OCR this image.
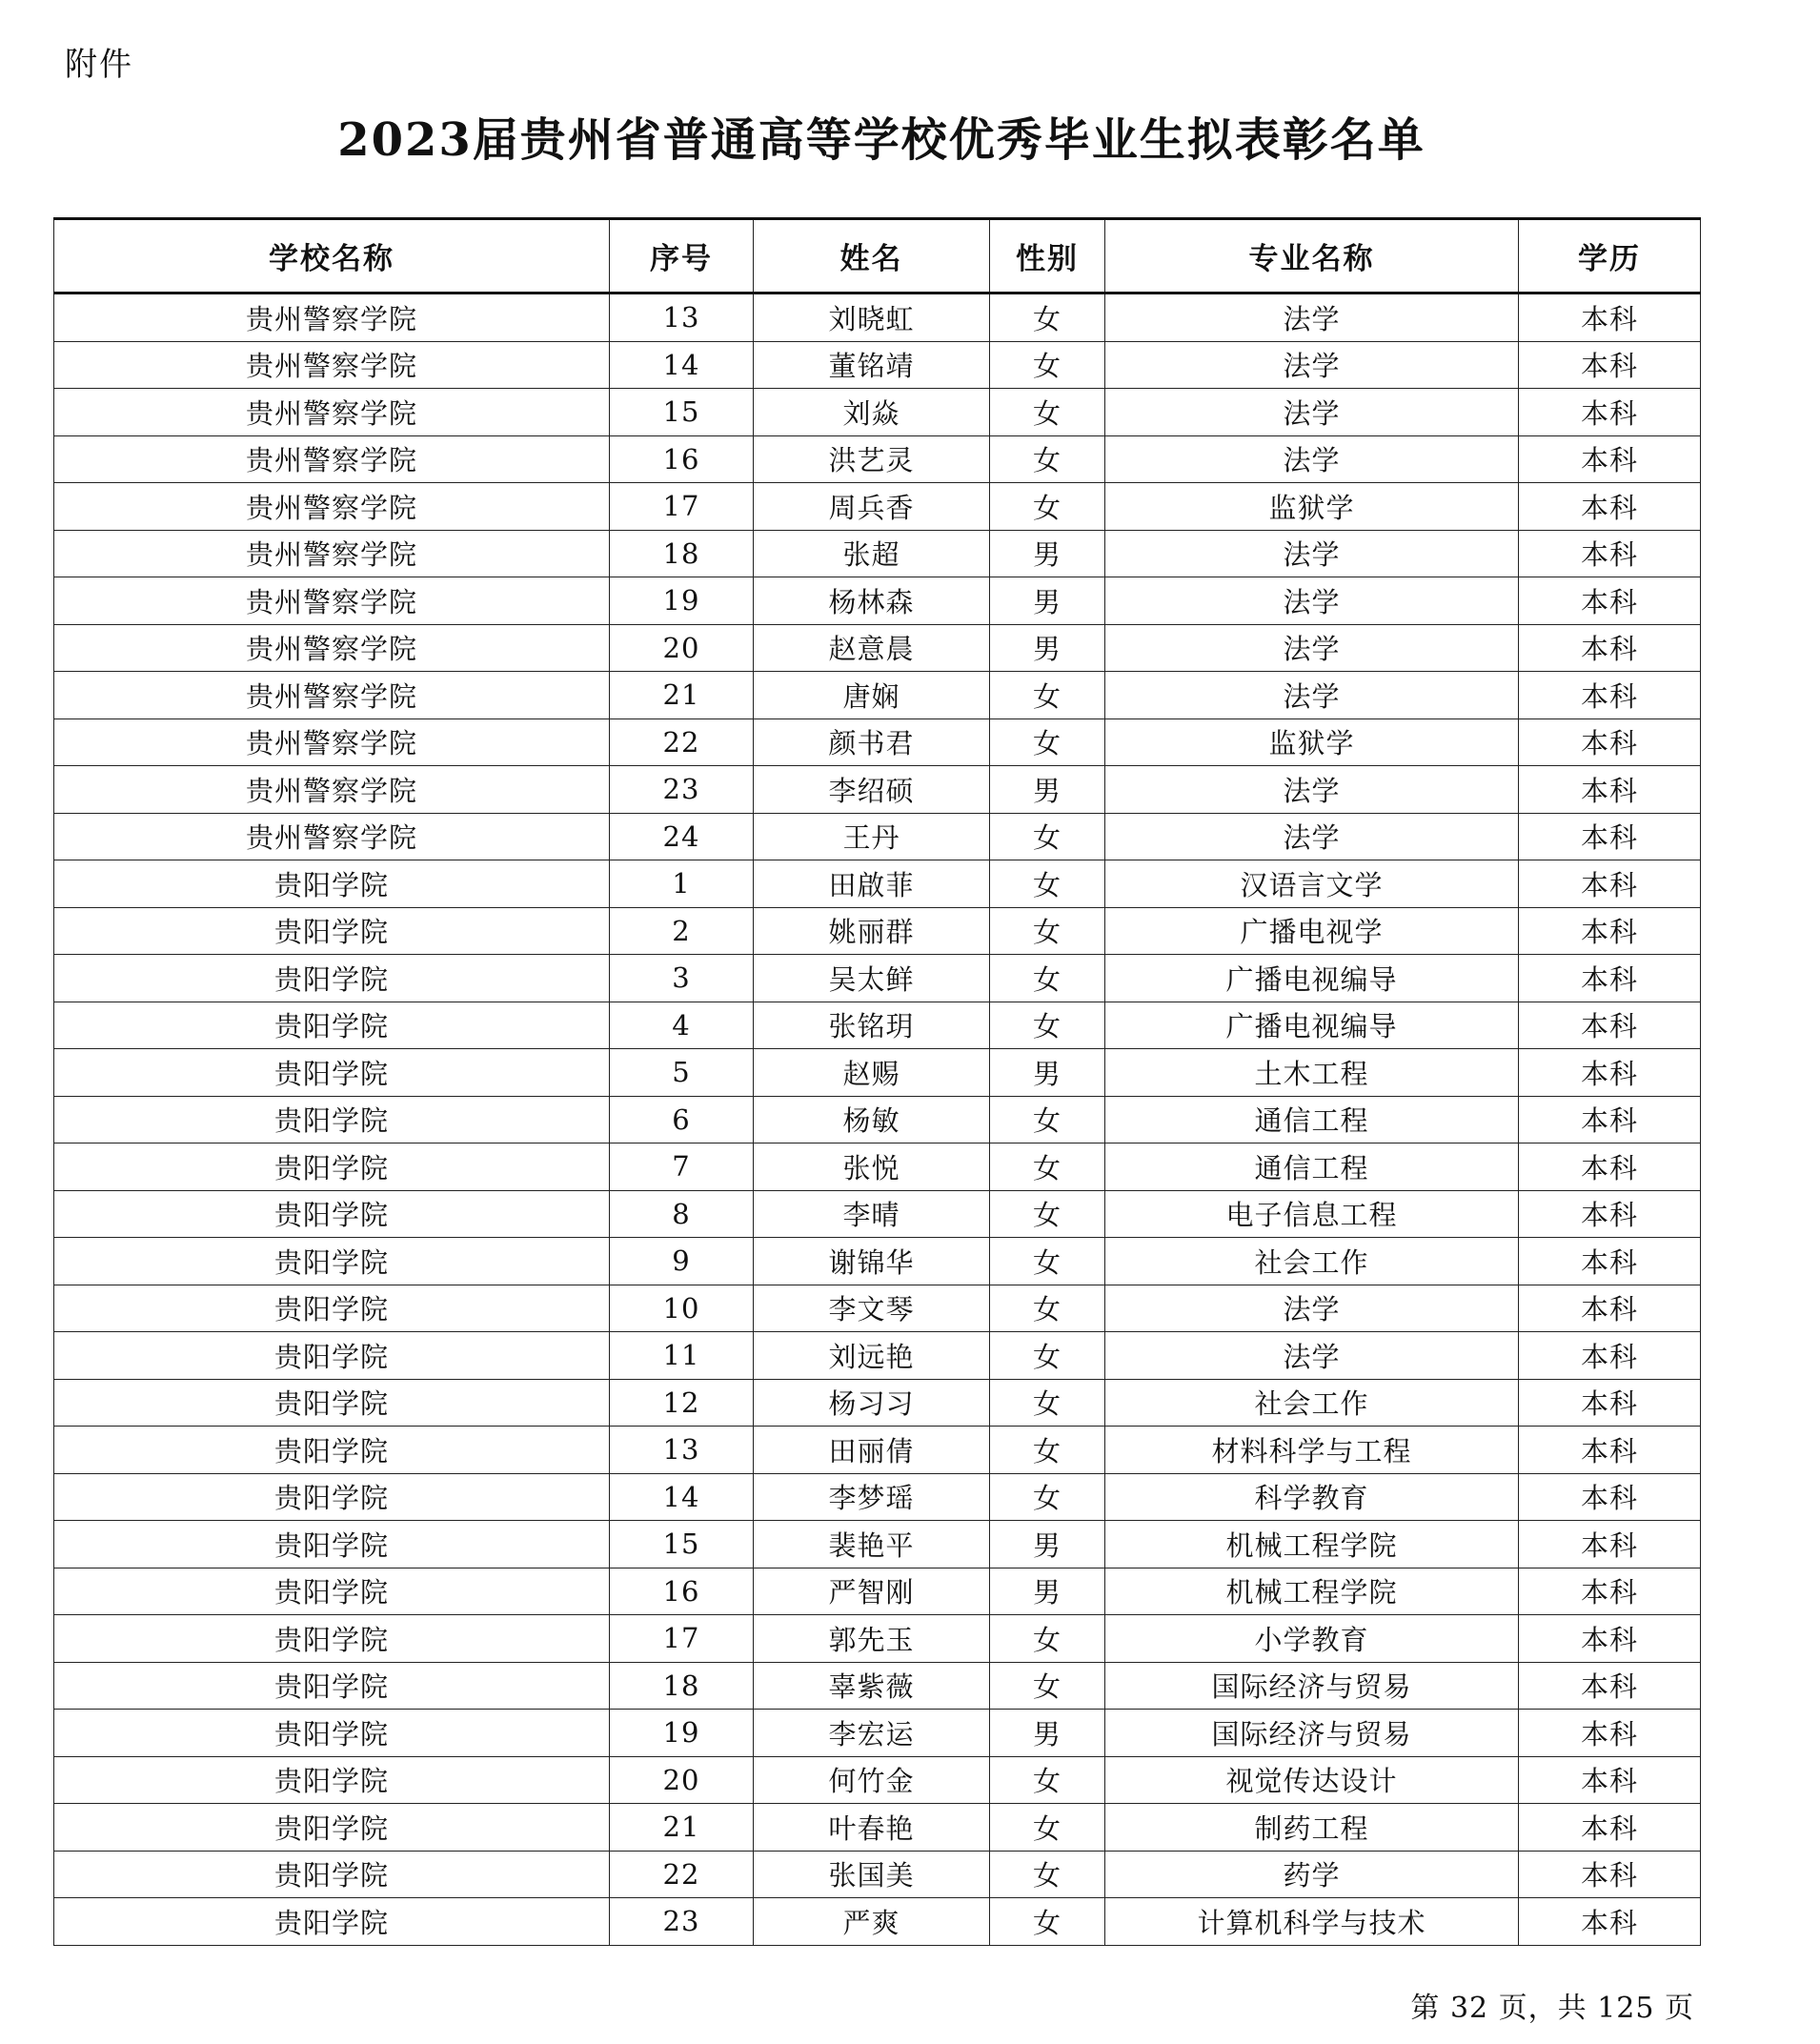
附件
2023届贵州省普通高等学校优秀毕业生拟表彰名单
学校名称	序号	姓名	性别	专业名称	学历
贵州警察学院	13	刘晓虹	女	法学	本科
贵州警察学院	14	董铭靖	女	法学	本科
贵州警察学院	15	刘焱	女	法学	本科
贵州警察学院	16	洪艺灵	女	法学	本科
贵州警察学院	17	周兵香	女	监狱学	本科
贵州警察学院	18	张超	男	法学	本科
贵州警察学院	19	杨林森	男	法学	本科
贵州警察学院	20	赵意晨	男	法学	本科
贵州警察学院	21	唐娴	女	法学	本科
贵州警察学院	22	颜书君	女	监狱学	本科
贵州警察学院	23	李绍硕	男	法学	本科
贵州警察学院	24	王丹	女	法学	本科
贵阳学院	1	田啟菲	女	汉语言文学	本科
贵阳学院	2	姚丽群	女	广播电视学	本科
贵阳学院	3	吴太鲜	女	广播电视编导	本科
贵阳学院	4	张铭玥	女	广播电视编导	本科
贵阳学院	5	赵赐	男	土木工程	本科
贵阳学院	6	杨敏	女	通信工程	本科
贵阳学院	7	张悦	女	通信工程	本科
贵阳学院	8	李晴	女	电子信息工程	本科
贵阳学院	9	谢锦华	女	社会工作	本科
贵阳学院	10	李文琴	女	法学	本科
贵阳学院	11	刘远艳	女	法学	本科
贵阳学院	12	杨习习	女	社会工作	本科
贵阳学院	13	田丽倩	女	材料科学与工程	本科
贵阳学院	14	李梦瑶	女	科学教育	本科
贵阳学院	15	裴艳平	男	机械工程学院	本科
贵阳学院	16	严智刚	男	机械工程学院	本科
贵阳学院	17	郭先玉	女	小学教育	本科
贵阳学院	18	辜紫薇	女	国际经济与贸易	本科
贵阳学院	19	李宏运	男	国际经济与贸易	本科
贵阳学院	20	何竹金	女	视觉传达设计	本科
贵阳学院	21	叶春艳	女	制药工程	本科
贵阳学院	22	张国美	女	药学	本科
贵阳学院	23	严爽	女	计算机科学与技术	本科
第 32 页，共 125 页
